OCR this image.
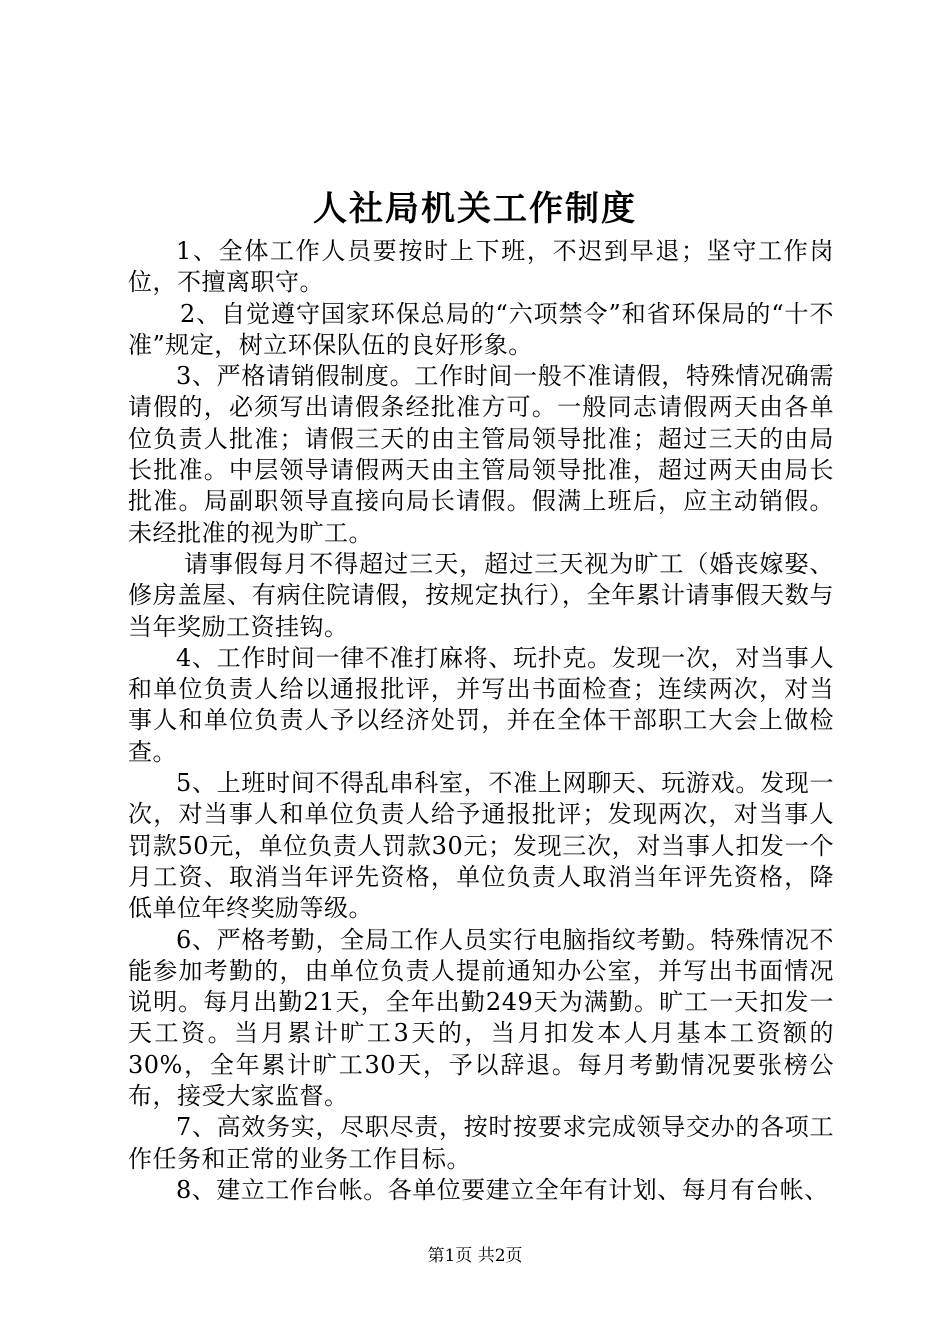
人社局机关工作制度

1、全体工作人员要按时上下班，不迟到早退；坚守工作岗位，不擅离职守。

2、自觉遵守国家环保总局的“六项禁令”和省环保局的“十不准”规定，树立环保队伍的良好形象。

3、严格请销假制度。工作时间一般不准请假，特殊情况确需请假的，必须写出请假条经批准方可。一般同志请假两天由各单位负责人批准；请假三天的由主管局领导批准；超过三天的由局长批准。中层领导请假两天由主管局领导批准，超过两天由局长批准。局副职领导直接向局长请假。假满上班后，应主动销假。未经批准的视为旷工。

请事假每月不得超过三天，超过三天视为旷工（婚丧嫁娶、修房盖屋、有病住院请假，按规定执行），全年累计请事假天数与当年奖励工资挂钩。

4、工作时间一律不准打麻将、玩扑克。发现一次，对当事人和单位负责人给以通报批评，并写出书面检查；连续两次，对当事人和单位负责人予以经济处罚，并在全体干部职工大会上做检查。

5、上班时间不得乱串科室，不准上网聊天、玩游戏。发现一次，对当事人和单位负责人给予通报批评；发现两次，对当事人罚款50元，单位负责人罚款30元；发现三次，对当事人扣发一个月工资、取消当年评先资格，单位负责人取消当年评先资格，降低单位年终奖励等级。

6、严格考勤，全局工作人员实行电脑指纹考勤。特殊情况不能参加考勤的，由单位负责人提前通知办公室，并写出书面情况说明。每月出勤21天，全年出勤249天为满勤。旷工一天扣发一天工资。当月累计旷工3天的，当月扣发本人月基本工资额的30%，全年累计旷工30天，予以辞退。每月考勤情况要张榜公布，接受大家监督。

7、高效务实，尽职尽责，按时按要求完成领导交办的各项工作任务和正常的业务工作目标。

8、建立工作台帐。各单位要建立全年有计划、每月有台帐、

第1页 共2页
